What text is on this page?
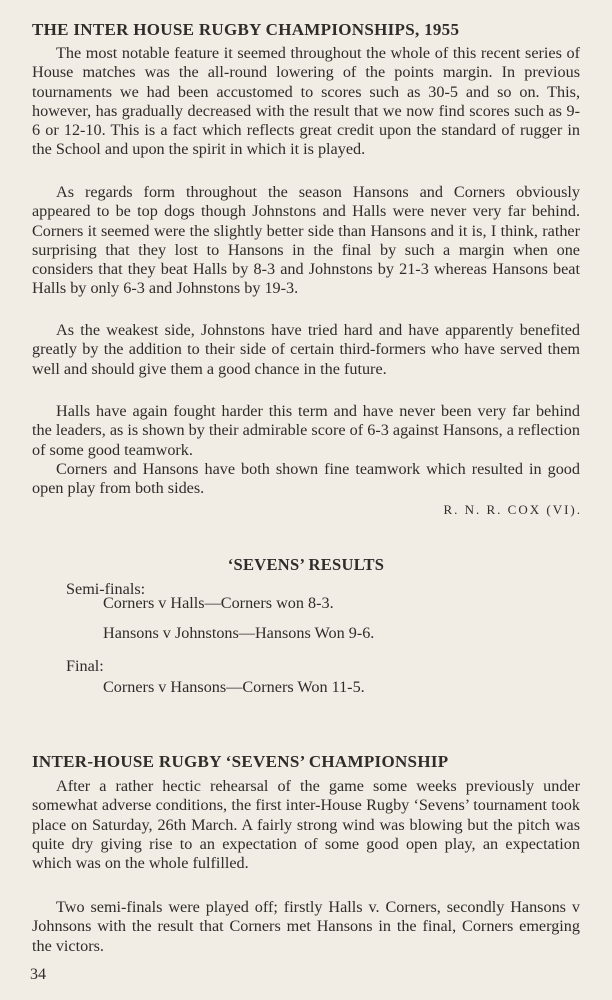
THE INTER HOUSE RUGBY CHAMPIONSHIPS, 1955

The most notable feature it seemed throughout the whole of this recent series of House matches was the all-round lowering of the points margin. In previous tournaments we had been accustomed to scores such as 30-5 and so on. This, however, has gradually decreased with the result that we now find scores such as 9-6 or 12-10. This is a fact which reflects great credit upon the standard of rugger in the School and upon the spirit in which it is played.

As regards form throughout the season Hansons and Corners obviously appeared to be top dogs though Johnstons and Halls were never very far behind. Corners it seemed were the slightly better side than Hansons and it is, I think, rather surprising that they lost to Hansons in the final by such a margin when one considers that they beat Halls by 8-3 and Johnstons by 21-3 whereas Hansons beat Halls by only 6-3 and Johnstons by 19-3.

As the weakest side, Johnstons have tried hard and have apparently benefited greatly by the addition to their side of certain third-formers who have served them well and should give them a good chance in the future.

Halls have again fought harder this term and have never been very far behind the leaders, as is shown by their admirable score of 6-3 against Hansons, a reflection of some good teamwork.

Corners and Hansons have both shown fine teamwork which resulted in good open play from both sides.

R. N. R. COX (VI).
‘SEVENS’ RESULTS
Semi-finals:
Corners v Halls—Corners won 8-3.
Hansons v Johnstons—Hansons Won 9-6.
Final:
Corners v Hansons—Corners Won 11-5.
INTER-HOUSE RUGBY ‘SEVENS’ CHAMPIONSHIP

After a rather hectic rehearsal of the game some weeks previously under somewhat adverse conditions, the first inter-House Rugby ‘Sevens’ tournament took place on Saturday, 26th March. A fairly strong wind was blowing but the pitch was quite dry giving rise to an expectation of some good open play, an expectation which was on the whole fulfilled.

Two semi-finals were played off; firstly Halls v. Corners, secondly Hansons v Johnsons with the result that Corners met Hansons in the final, Corners emerging the victors.

34
